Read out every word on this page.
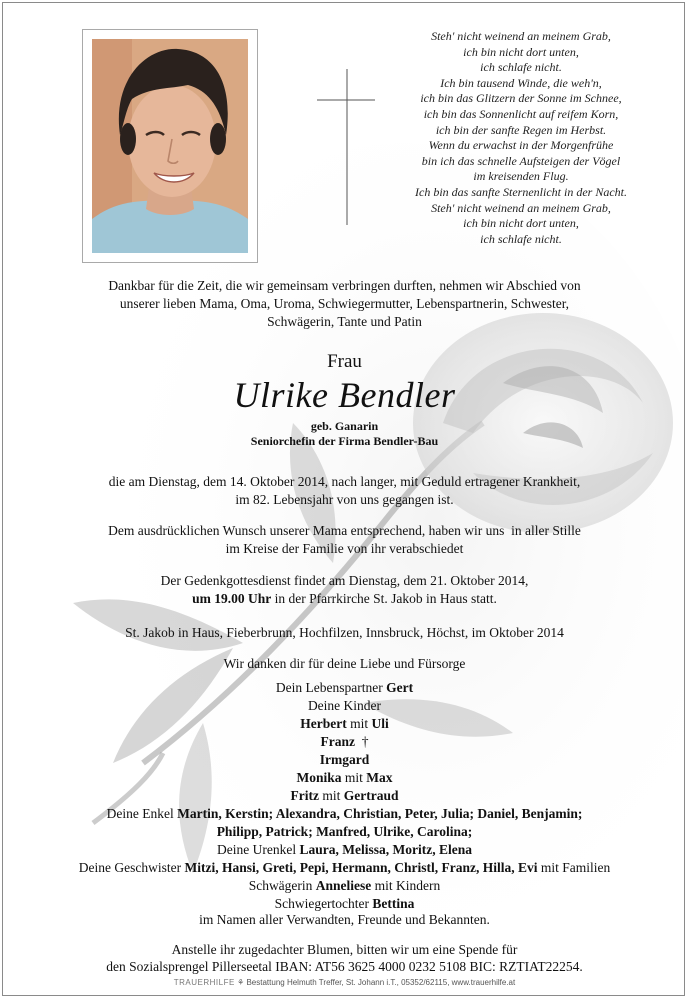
Steh' nicht weinend an meinem Grab,
ich bin nicht dort unten,
ich schlafe nicht.
Ich bin tausend Winde, die weh'n,
ich bin das Glitzern der Sonne im Schnee,
ich bin das Sonnenlicht auf reifem Korn,
ich bin der sanfte Regen im Herbst.
Wenn du erwachst in der Morgenfrühe
bin ich das schnelle Aufsteigen der Vögel
im kreisenden Flug.
Ich bin das sanfte Sternenlicht in der Nacht.
Steh' nicht weinend an meinem Grab,
ich bin nicht dort unten,
ich schlafe nicht.
Dankbar für die Zeit, die wir gemeinsam verbringen durften, nehmen wir Abschied von
unserer lieben Mama, Oma, Uroma, Schwiegermutter, Lebenspartnerin, Schwester,
Schwägerin, Tante und Patin
Frau
Ulrike Bendler
geb. Ganarin
Seniorchefin der Firma Bendler-Bau
die am Dienstag, dem 14. Oktober 2014, nach langer, mit Geduld ertragener Krankheit,
im 82. Lebensjahr von uns gegangen ist.
Dem ausdrücklichen Wunsch unserer Mama entsprechend, haben wir uns  in aller Stille
im Kreise der Familie von ihr verabschiedet
Der Gedenkgottesdienst findet am Dienstag, dem 21. Oktober 2014,
um 19.00 Uhr in der Pfarrkirche St. Jakob in Haus statt.
St. Jakob in Haus, Fieberbrunn, Hochfilzen, Innsbruck, Höchst, im Oktober 2014
Wir danken dir für deine Liebe und Fürsorge
Dein Lebenspartner Gert
Deine Kinder
Herbert mit Uli
Franz  †
Irmgard
Monika mit Max
Fritz mit Gertraud
Deine Enkel Martin, Kerstin; Alexandra, Christian, Peter, Julia; Daniel, Benjamin;
Philipp, Patrick; Manfred, Ulrike, Carolina;
Deine Urenkel Laura, Melissa, Moritz, Elena
Deine Geschwister Mitzi, Hansi, Greti, Pepi, Hermann, Christl, Franz, Hilla, Evi mit Familien
Schwägerin Anneliese mit Kindern
Schwiegertochter Bettina
im Namen aller Verwandten, Freunde und Bekannten.
Anstelle ihr zugedachter Blumen, bitten wir um eine Spende für
den Sozialsprengel Pillerseetal IBAN: AT56 3625 4000 0232 5108 BIC: RZTIAT22254.
TRAUERHILFE ⚘ Bestattung Helmuth Treffer, St. Johann i.T., 05352/62115, www.trauerhilfe.at
